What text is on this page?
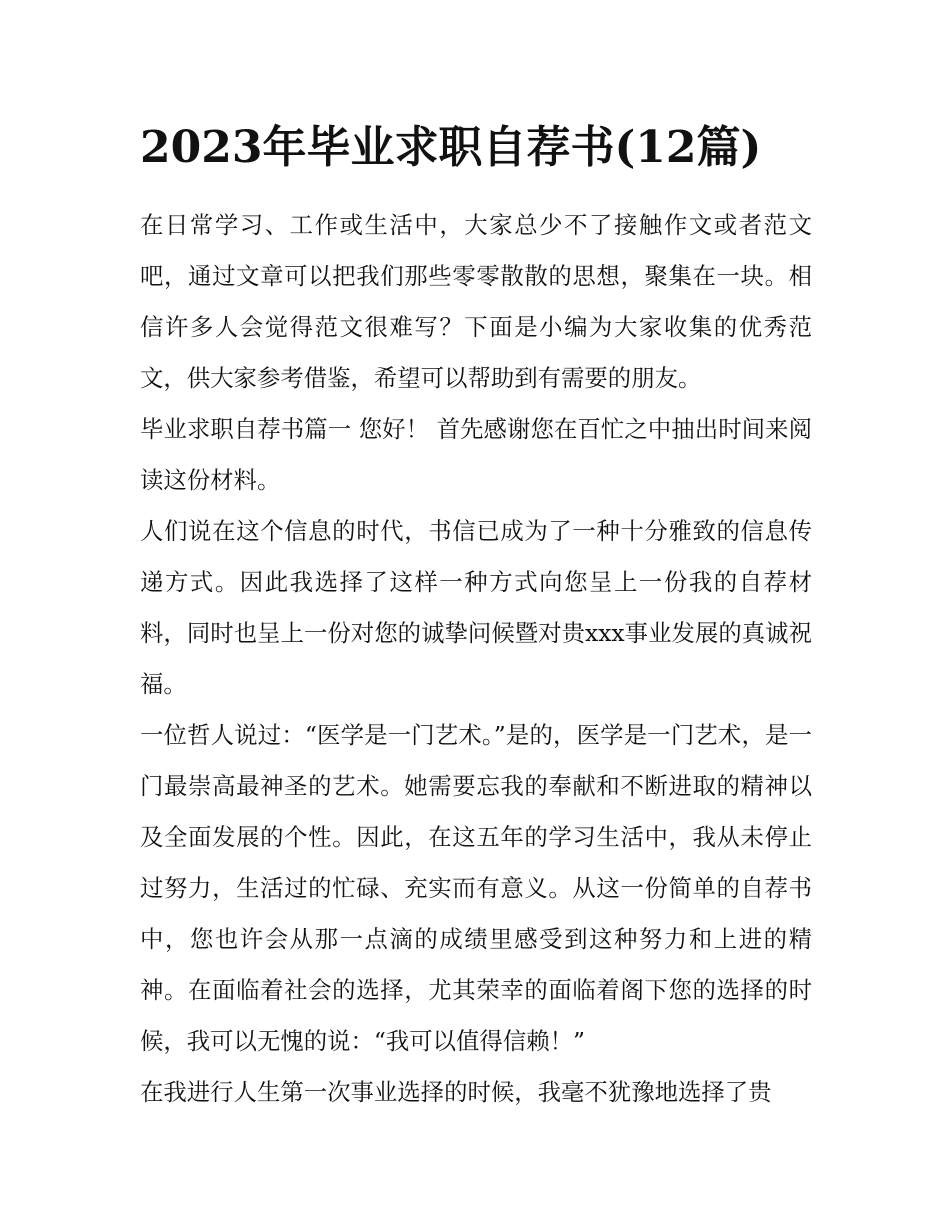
2023年毕业求职自荐书(12篇)

在日常学习、工作或生活中，大家总少不了接触作文或者范文吧，通过文章可以把我们那些零零散散的思想，聚集在一块。相信许多人会觉得范文很难写？下面是小编为大家收集的优秀范文，供大家参考借鉴，希望可以帮助到有需要的朋友。

毕业求职自荐书篇一 您好！ 首先感谢您在百忙之中抽出时间来阅读这份材料。

人们说在这个信息的时代，书信已成为了一种十分雅致的信息传递方式。因此我选择了这样一种方式向您呈上一份我的自荐材料，同时也呈上一份对您的诚挚问候暨对贵xxx事业发展的真诚祝福。

一位哲人说过：“医学是一门艺术。”是的，医学是一门艺术，是一门最崇高最神圣的艺术。她需要忘我的奉献和不断进取的精神以及全面发展的个性。因此，在这五年的学习生活中，我从未停止过努力，生活过的忙碌、充实而有意义。从这一份简单的自荐书中，您也许会从那一点滴的成绩里感受到这种努力和上进的精神。在面临着社会的选择，尤其荣幸的面临着阁下您的选择的时候，我可以无愧的说：“我可以值得信赖！”

在我进行人生第一次事业选择的时候，我毫不犹豫地选择了贵
